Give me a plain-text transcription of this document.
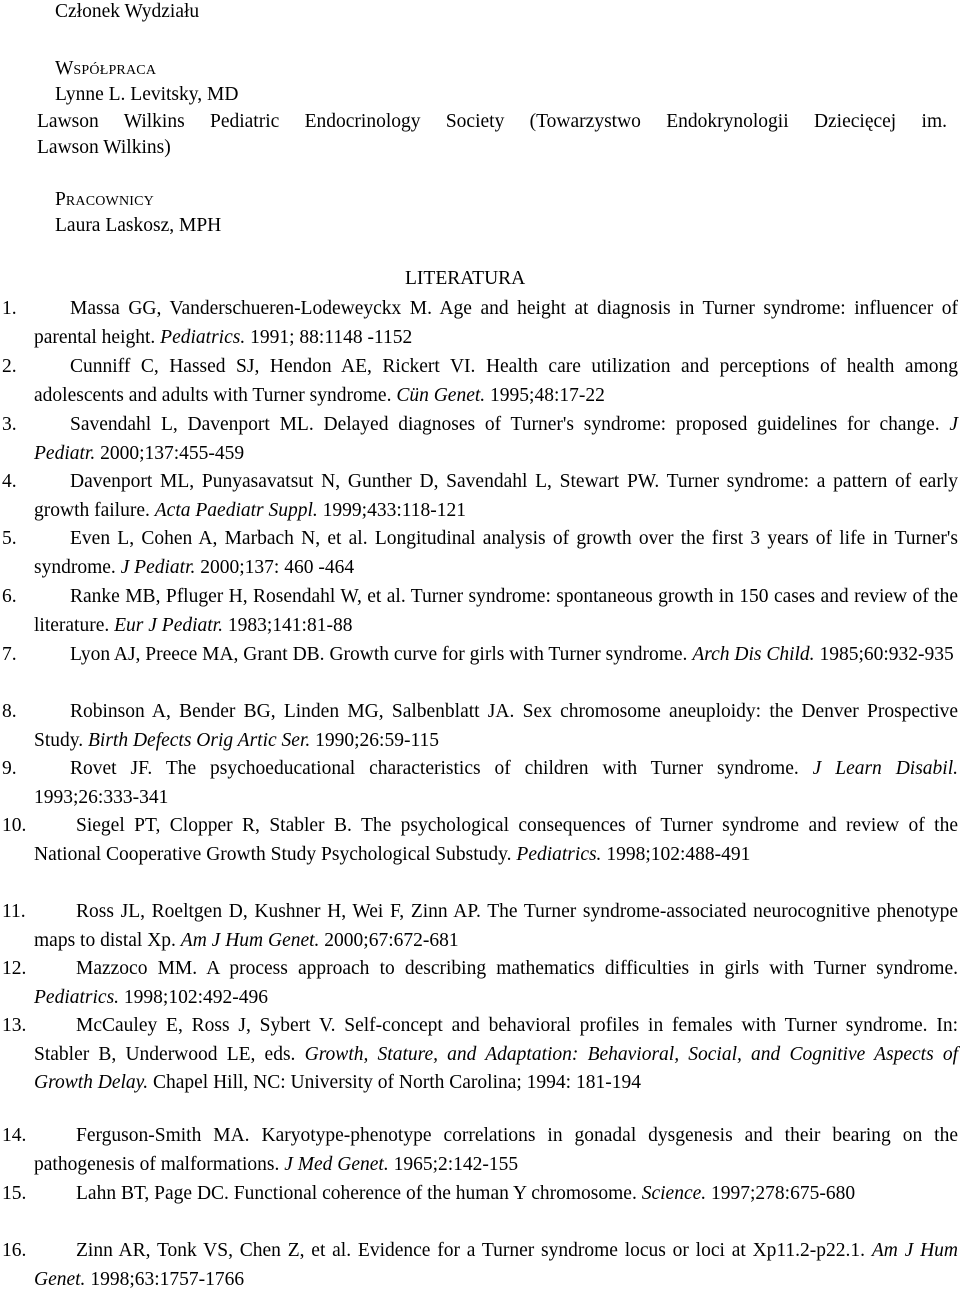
Członek Wydziału
WSPÓŁPRACA
Lynne L. Levitsky, MD
Lawson Wilkins Pediatric Endocrinology Society (Towarzystwo Endokrynologii Dziecięcej im.
Lawson Wilkins)
PRACOWNICY
Laura Laskosz, MPH
LITERATURA
1.	Massa GG, Vanderschueren-Lodeweyckx M. Age and height at diagnosis in Turner syndrome: influencer of parental height. Pediatrics. 1991; 88:1148 -1152
2.	Cunniff C, Hassed SJ, Hendon AE, Rickert VI. Health care utilization and perceptions of health among adolescents and adults with Turner syndrome. Cün Genet. 1995;48:17-22
3.	Savendahl L, Davenport ML. Delayed diagnoses of Turner's syndrome: proposed guidelines for change. J Pediatr. 2000;137:455-459
4.	Davenport ML, Punyasavatsut N, Gunther D, Savendahl L, Stewart PW. Turner syndrome: a pattern of early growth failure. Acta Paediatr Suppl. 1999;433:118-121
5.	Even L, Cohen A, Marbach N, et al. Longitudinal analysis of growth over the first 3 years of life in Turner's syndrome. J Pediatr. 2000;137: 460 -464
6.	Ranke MB, Pfluger H, Rosendahl W, et al. Turner syndrome: spontaneous growth in 150 cases and review of the literature. Eur J Pediatr. 1983;141:81-88
7.	Lyon AJ, Preece MA, Grant DB. Growth curve for girls with Turner syndrome. Arch Dis Child. 1985;60:932-935
8.	Robinson A, Bender BG, Linden MG, Salbenblatt JA. Sex chromosome aneuploidy: the Denver Prospective Study. Birth Defects Orig Artic Ser. 1990;26:59-115
9.	Rovet JF. The psychoeducational characteristics of children with Turner syndrome. J Learn Disabil. 1993;26:333-341
10.	Siegel PT, Clopper R, Stabler B. The psychological consequences of Turner syndrome and review of the National Cooperative Growth Study Psychological Substudy. Pediatrics. 1998;102:488-491
11.	Ross JL, Roeltgen D, Kushner H, Wei F, Zinn AP. The Turner syndrome-associated neurocognitive phenotype maps to distal Xp. Am J Hum Genet. 2000;67:672-681
12.	Mazzoco MM. A process approach to describing mathematics difficulties in girls with Turner syndrome. Pediatrics. 1998;102:492-496
13.	McCauley E, Ross J, Sybert V. Self-concept and behavioral profiles in females with Turner syndrome. In: Stabler B, Underwood LE, eds. Growth, Stature, and Adaptation: Behavioral, Social, and Cognitive Aspects of Growth Delay. Chapel Hill, NC: University of North Carolina; 1994: 181-194
14.	Ferguson-Smith MA. Karyotype-phenotype correlations in gonadal dysgenesis and their bearing on the pathogenesis of malformations. J Med Genet. 1965;2:142-155
15.	Lahn BT, Page DC. Functional coherence of the human Y chromosome. Science. 1997;278:675-680
16.	Zinn AR, Tonk VS, Chen Z, et al. Evidence for a Turner syndrome locus or loci at Xp11.2-p22.1. Am J Hum Genet. 1998;63:1757-1766
